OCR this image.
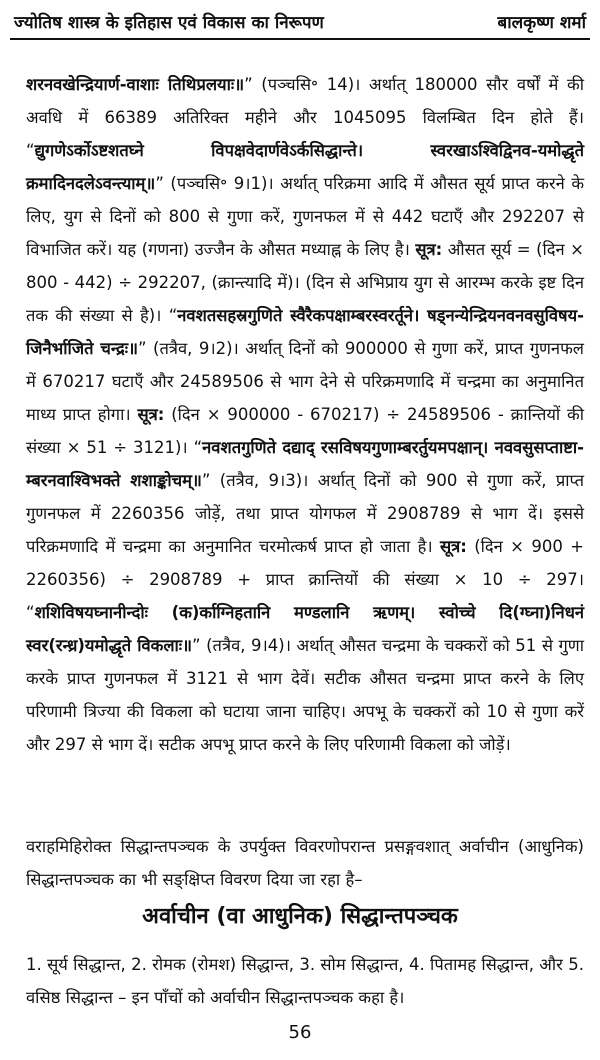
ज्योतिष शास्त्र के इतिहास एवं विकास का निरूपण	बालकृष्ण शर्मा

शरनवखेन्द्रियार्ण-वाशाः तिथिप्रलयाः॥” (पञ्चसि॰ 14)। अर्थात् 180000 सौर वर्षों में की अवधि में 66389 अतिरिक्त महीने और 1045095 विलम्बित दिन होते हैं। “द्युगणेऽर्कोऽष्टशतघ्ने विपक्षवेदार्णवेऽर्कसिद्धान्ते। स्वरखाऽश्विद्विनव-यमोद्धृते क्रमादिनदलेऽवन्त्याम्॥” (पञ्चसि॰ 9।1)। अर्थात् परिक्रमा आदि में औसत सूर्य प्राप्त करने के लिए, युग से दिनों को 800 से गुणा करें, गुणनफल में से 442 घटाएँ और 292207 से विभाजित करें। यह (गणना) उज्जैन के औसत मध्याह्न के लिए है। सूत्र: औसत सूर्य = (दिन × 800 - 442) ÷ 292207, (क्रान्त्यादि में)। (दिन से अभिप्राय युग से आरम्भ करके इष्ट दिन तक की संख्या से है)। “नवशतसहस्रगुणिते स्वैरैकपक्षाम्बरस्वरर्तूने। षड्नन्येन्द्रियनवनवसुविषय-जिनैर्भाजिते चन्द्रः॥” (तत्रैव, 9।2)। अर्थात् दिनों को 900000 से गुणा करें, प्राप्त गुणनफल में 670217 घटाएँ और 24589506 से भाग देने से परिक्रमणादि में चन्द्रमा का अनुमानित माध्य प्राप्त होगा। सूत्र: (दिन × 900000 - 670217) ÷ 24589506 - क्रान्तियों की संख्या × 51 ÷ 3121)। “नवशतगुणिते दद्याद् रसविषयगुणाम्बरर्तुयमपक्षान्। नववसुसप्ताष्टा-म्बरनवाश्विभक्ते शशाङ्कोचम्॥” (तत्रैव, 9।3)। अर्थात् दिनों को 900 से गुणा करें, प्राप्त गुणनफल में 2260356 जोड़ें, तथा प्राप्त योगफल में 2908789 से भाग दें। इससे परिक्रमणादि में चन्द्रमा का अनुमानित चरमोत्कर्ष प्राप्त हो जाता है। सूत्र: (दिन × 900 + 2260356) ÷ 2908789 + प्राप्त क्रान्तियों की संख्या × 10 ÷ 297। “शशिविषयघ्नानीन्दोः (क)र्काग्निहतानि मण्डलानि ऋणम्। स्वोच्चे दि(ग्घ्ना)निधनं स्वर(रन्ध्र)यमोद्धृते विकलाः॥” (तत्रैव, 9।4)। अर्थात् औसत चन्द्रमा के चक्करों को 51 से गुणा करके प्राप्त गुणनफल में 3121 से भाग देवें। सटीक औसत चन्द्रमा प्राप्त करने के लिए परिणामी त्रिज्या की विकला को घटाया जाना चाहिए। अपभू के चक्करों को 10 से गुणा करें और 297 से भाग दें। सटीक अपभू प्राप्त करने के लिए परिणामी विकला को जोड़ें।

वराहमिहिरोक्त सिद्धान्तपञ्चक के उपर्युक्त विवरणोपरान्त प्रसङ्गवशात् अर्वाचीन (आधुनिक) सिद्धान्तपञ्चक का भी सङ्क्षिप्त विवरण दिया जा रहा है–

अर्वाचीन (वा आधुनिक) सिद्धान्तपञ्चक

1. सूर्य सिद्धान्त, 2. रोमक (रोमश) सिद्धान्त, 3. सोम सिद्धान्त, 4. पितामह सिद्धान्त, और 5. वसिष्ठ सिद्धान्त – इन पाँचों को अर्वाचीन सिद्धान्तपञ्चक कहा है।

56
